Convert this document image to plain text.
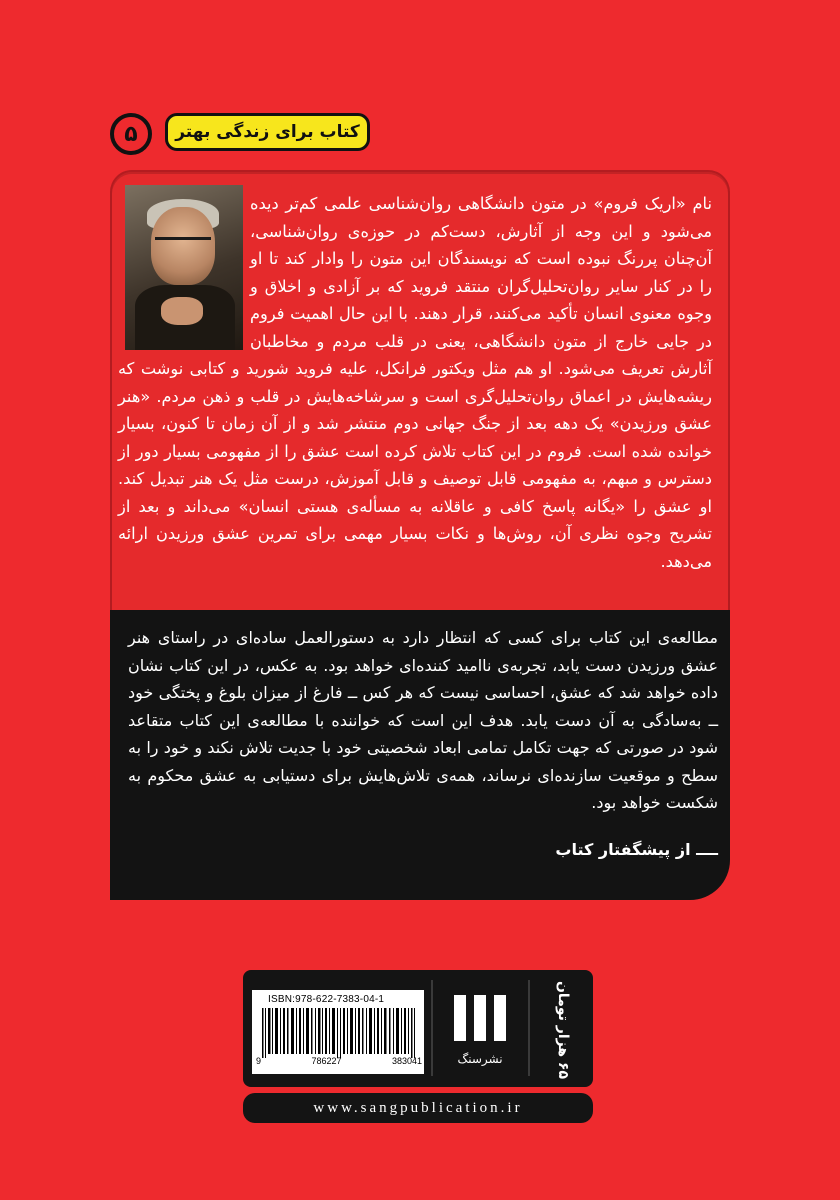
کتاب برای زندگی بهتر
۵

نام «اریک فروم» در متون دانشگاهی روان‌شناسی علمی کم‌تر دیده می‌شود و این وجه از آثارش، دست‌کم در حوزه‌ی روان‌شناسی، آن‌چنان پررنگ نبوده است که نویسندگان این متون را وادار کند تا او را در کنار سایر روان‌تحلیل‌گران منتقد فروید که بر آزادی و اخلاق و وجوه معنوی انسان تأکید می‌کنند، قرار دهند. با این حال اهمیت فروم در جایی خارج از متون دانشگاهی، یعنی در قلب مردم و مخاطبان آثارش تعریف می‌شود. او هم مثل ویکتور فرانکل، علیه فروید شورید و کتابی نوشت که ریشه‌هایش در اعماق روان‌تحلیل‌گری است و سرشاخه‌هایش در قلب و ذهن مردم. «هنر عشق ورزیدن» یک دهه بعد از جنگ جهانی دوم منتشر شد و از آن زمان تا کنون، بسیار خوانده شده است. فروم در این کتاب تلاش کرده است عشق را از مفهومی بسیار دور از دسترس و مبهم، به مفهومی قابل توصیف و قابل آموزش، درست مثل یک هنر تبدیل کند. او عشق را «یگانه پاسخ کافی و عاقلانه به مسأله‌ی هستی انسان» می‌داند و بعد از تشریح وجوه نظری آن، روش‌ها و نکات بسیار مهمی برای تمرین عشق ورزیدن ارائه می‌دهد.

مطالعه‌ی این کتاب برای کسی که انتظار دارد به دستورالعمل ساده‌ای در راستای هنر عشق ورزیدن دست یابد، تجربه‌ی ناامید کننده‌ای خواهد بود. به عکس، در این کتاب نشان داده خواهد شد که عشق، احساسی نیست که هر کس ــ فارغ از میزان بلوغ و پختگی خود ــ به‌سادگی به آن دست یابد. هدف این است که خواننده با مطالعه‌ی این کتاب متقاعد شود در صورتی که جهت تکامل تمامی ابعاد شخصیتی خود با جدیت تلاش نکند و خود را به سطح و موقعیت سازنده‌ای نرساند، همه‌ی تلاش‌هایش برای دستیابی به عشق محکوم به شکست خواهد بود.

ــــ از پیشگفتار کتاب
ISBN:978-622-7383-04-1
9	786227	383041	نشرسنگ	۶۵ هزار تومان
www.sangpublication.ir
